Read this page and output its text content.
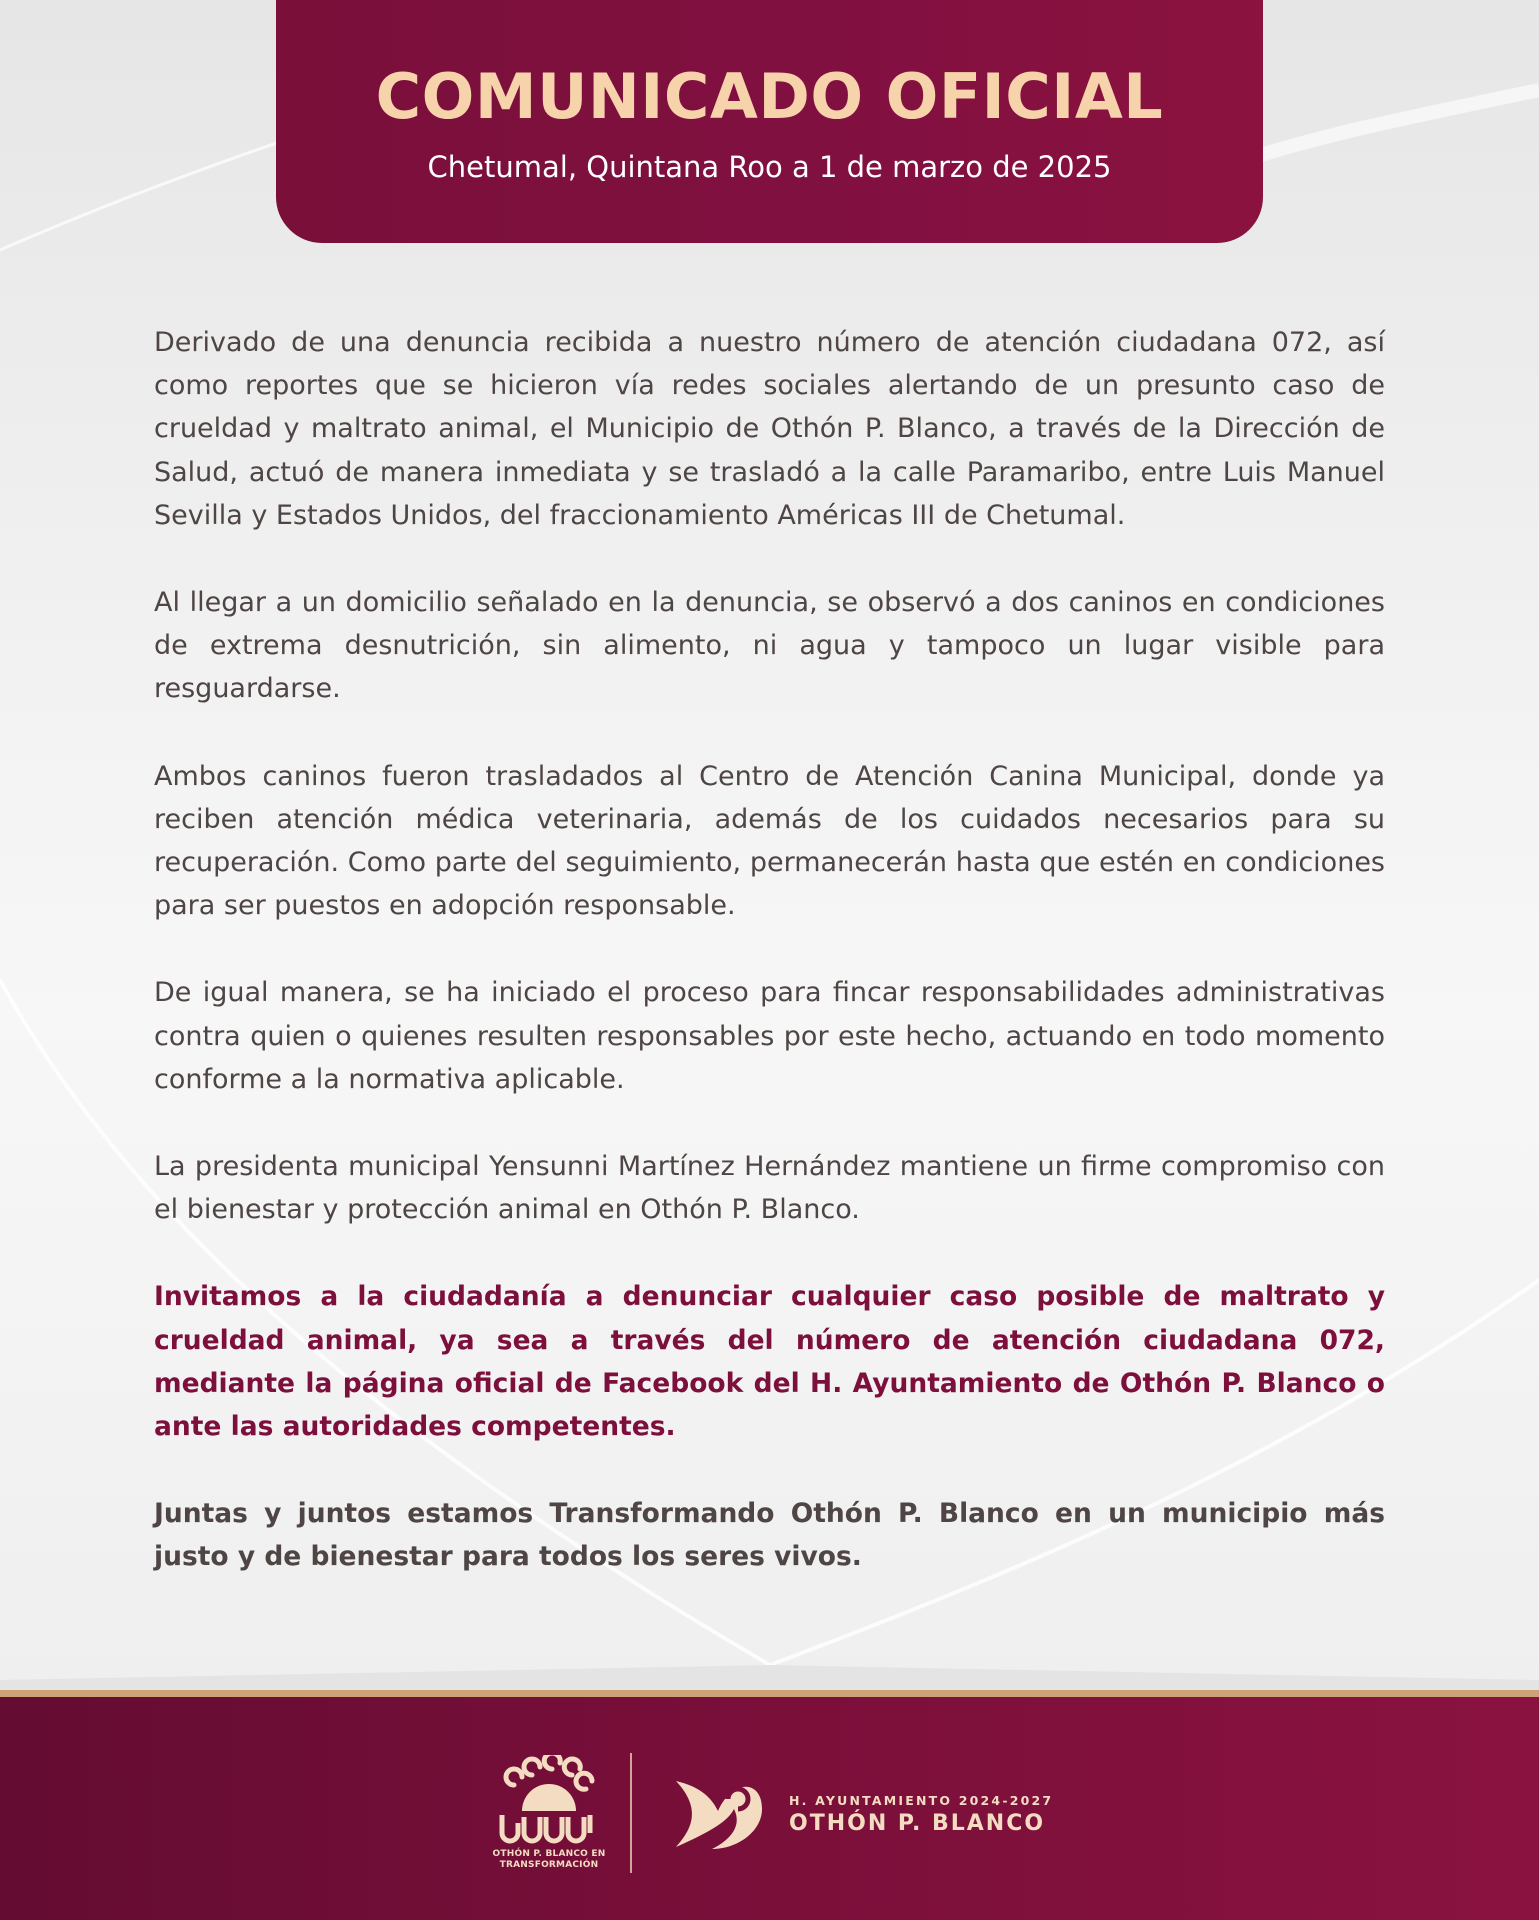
COMUNICADO OFICIAL
Chetumal, Quintana Roo a 1 de marzo de 2025

Derivado de una denuncia recibida a nuestro número de atención ciudadana 072, así como reportes que se hicieron vía redes sociales alertando de un presunto caso de crueldad y maltrato animal, el Municipio de Othón P. Blanco, a través de la Dirección de Salud, actuó de manera inmediata y se trasladó a la calle Paramaribo, entre Luis Manuel Sevilla y Estados Unidos, del fraccionamiento Américas III de Chetumal.

Al llegar a un domicilio señalado en la denuncia, se observó a dos caninos en condiciones de extrema desnutrición, sin alimento, ni agua y tampoco un lugar visible para resguardarse.

Ambos caninos fueron trasladados al Centro de Atención Canina Municipal, donde ya reciben atención médica veterinaria, además de los cuidados necesarios para su recuperación. Como parte del seguimiento, permanecerán hasta que estén en condiciones para ser puestos en adopción responsable.

De igual manera, se ha iniciado el proceso para fincar responsabilidades administrativas contra quien o quienes resulten responsables por este hecho, actuando en todo momento conforme a la normativa aplicable.

La presidenta municipal Yensunni Martínez Hernández mantiene un firme compromiso con el bienestar y protección animal en Othón P. Blanco.

Invitamos a la ciudadanía a denunciar cualquier caso posible de maltrato y crueldad animal, ya sea a través del número de atención ciudadana 072, mediante la página oficial de Facebook del H. Ayuntamiento de Othón P. Blanco o ante las autoridades competentes.

Juntas y juntos estamos Transformando Othón P. Blanco en un municipio más justo y de bienestar para todos los seres vivos.

OTHÓN P. BLANCO EN TRANSFORMACIÓN
H. AYUNTAMIENTO 2024-2027
OTHÓN P. BLANCO
